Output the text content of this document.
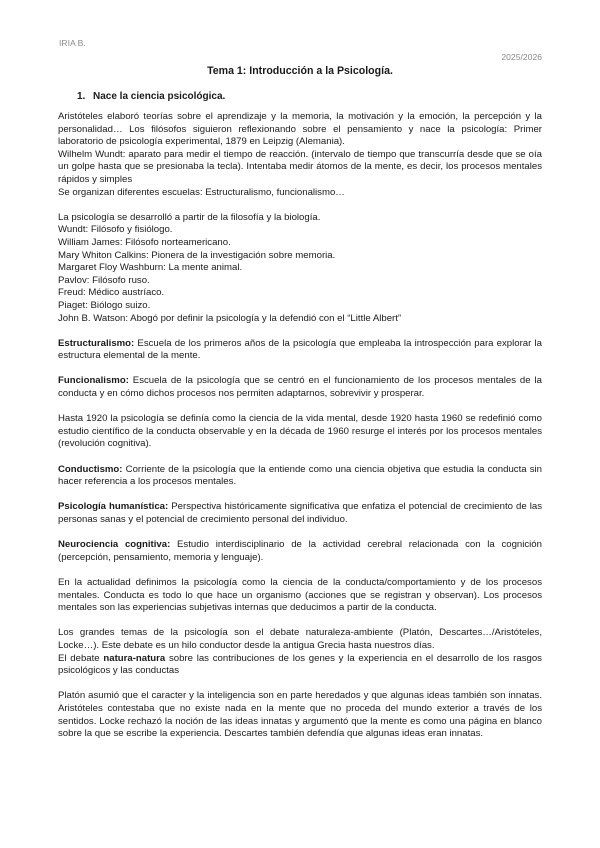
IRIA B.
2025/2026
Tema 1: Introducción a la Psicología.
1. Nace la ciencia psicológica.

Aristóteles elaboró teorías sobre el aprendizaje y la memoria, la motivación y la emoción, la percepción y la personalidad… Los filósofos siguieron reflexionando sobre el pensamiento y nace la psicología: Primer laboratorio de psicología experimental, 1879 en Leipzig (Alemania).

Wilhelm Wundt: aparato para medir el tiempo de reacción. (intervalo de tiempo que transcurría desde que se oía un golpe hasta que se presionaba la tecla). Intentaba medir átomos de la mente, es decir, los procesos mentales rápidos y simples

Se organizan diferentes escuelas: Estructuralismo, funcionalismo…

La psicología se desarrolló a partir de la filosofía y la biología.

Wundt: Filósofo y fisiólogo.

William James: Filósofo norteamericano.

Mary Whiton Calkins: Pionera de la investigación sobre memoria.

Margaret Floy Washburn: La mente animal.

Pavlov: Filósofo ruso.

Freud: Médico austríaco.

Piaget: Biólogo suizo.

John B. Watson: Abogó por definir la psicología y la defendió con el “Little Albert”

Estructuralismo: Escuela de los primeros años de la psicología que empleaba la introspección para explorar la estructura elemental de la mente.

Funcionalismo: Escuela de la psicología que se centró en el funcionamiento de los procesos mentales de la conducta y en cómo dichos procesos nos permiten adaptarnos, sobrevivir y prosperar.

Hasta 1920 la psicología se definía como la ciencia de la vida mental, desde 1920 hasta 1960 se redefinió como estudio científico de la conducta observable y en la década de 1960 resurge el interés por los procesos mentales (revolución cognitiva).

Conductismo: Corriente de la psicología que la entiende como una ciencia objetiva que estudia la conducta sin hacer referencia a los procesos mentales.

Psicología humanística: Perspectiva históricamente significativa que enfatiza el potencial de crecimiento de las personas sanas y el potencial de crecimiento personal del individuo.

Neurociencia cognitiva: Estudio interdisciplinario de la actividad cerebral relacionada con la cognición (percepción, pensamiento, memoria y lenguaje).

En la actualidad definimos la psicología como la ciencia de la conducta/comportamiento y de los procesos mentales. Conducta es todo lo que hace un organismo (acciones que se registran y observan). Los procesos mentales son las experiencias subjetivas internas que deducimos a partir de la conducta.

Los grandes temas de la psicología son el debate naturaleza-ambiente (Platón, Descartes…/Aristóteles, Locke…). Este debate es un hilo conductor desde la antigua Grecia hasta nuestros días.

El debate natura-natura sobre las contribuciones de los genes y la experiencia en el desarrollo de los rasgos psicológicos y las conductas

Platón asumió que el caracter y la inteligencia son en parte heredados y que algunas ideas también son innatas. Aristóteles contestaba que no existe nada en la mente que no proceda del mundo exterior a través de los sentidos. Locke rechazó la noción de las ideas innatas y argumentó que la mente es como una página en blanco sobre la que se escribe la experiencia. Descartes también defendía que algunas ideas eran innatas.
